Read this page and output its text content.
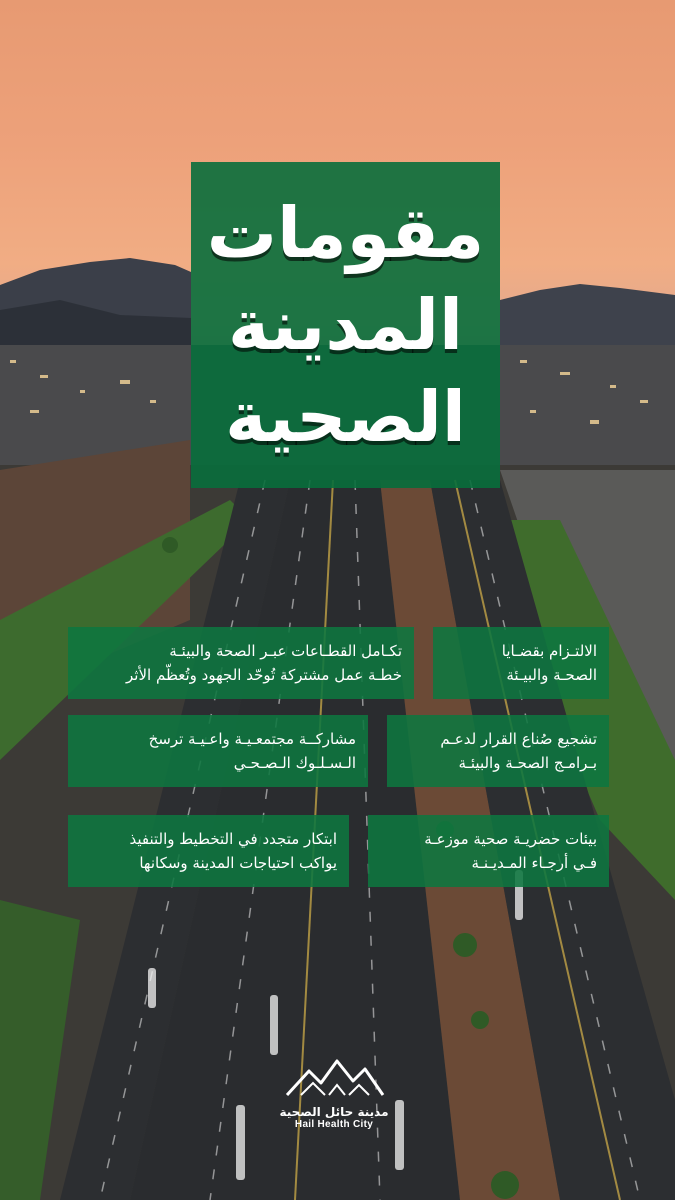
مقومات
المدينة
الصحية
الالتـزام بقضـايا
الصحـة والبيـئة
تكـامل القطـاعات عبـر الصحة والبيئـة
خطـة عمل مشتركة تُوحّد الجهود وتُعظّم الأثر
تشجيع صُناع القرار لدعـم
بـرامـج الصحـة والبيئـة
مشاركــة مجتمعـيـة واعـيـة ترسخ
الـسـلـوك الـصـحـي
بيئات حضريـة صحية موزعـة
فـي أرجـاء المـديـنـة
ابتكار متجدد في التخطيط والتنفيذ
يواكب احتياجات المدينة وسكانها
مدينة حائل الصحية
Hail Health City
